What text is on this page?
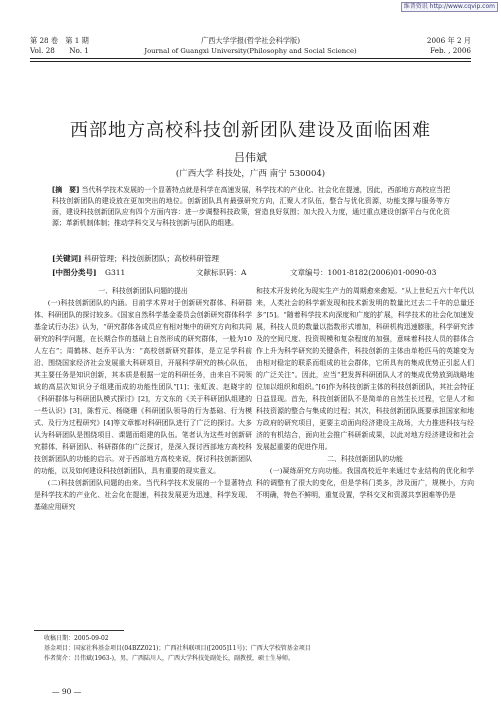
维普资讯 http://www.cqvip.com
第 28 卷　第 1 期
Vol. 28　　No. 1
广西大学学报(哲学社会科学版)
Journal of Guangxi University(Philosophy and Social Science)
2006 年 2 月
Feb. , 2006
西部地方高校科技创新团队建设及面临困难
吕伟斌
(广西大学 科技处，广西 南宁 530004)
[摘　要] 当代科学技术发展的一个显著特点就是科学在高速发展，科学技术的产业化、社会化在提速，因此，西部地方高校应当把科技创新团队的建设放在更加突出的地位。创新团队具有最强研究方向，汇聚人才队伍，整合与优化资源，功能支撑与服务等方面，建设科技创新团队应有四个方面内容：进一步调整科技政策，营造良好氛围；加大投入力度，通过重点建设创新平台与优化资源；革新机制体制；推动学科交叉与科技创新与团队的组建。
[关键词] 科研管理；科技创新团队；高校科研管理
[中图分类号] G311	文献标识码：A	文章编号：1001-8182(2006)01-0090-03

一、科技创新团队问题的提出

(一)科技创新团队的内涵。目前学术界对于创新研究群体、科研群体、科研团队的探讨较多。《国家自然科学基金委员会创新研究群体科学基金试行办法》认为，“研究群体各成员应有相对集中的研究方向和共同研究的科学问题，在长期合作的基础上自然形成的研究群体，一般为10人左右”；周鹤林、赵乔平认为：“高校创新研究群体，是立足学科前沿、围绕国家经济社会发展重大科研项目，开展科学研究的核心队伍，其主要任务是知识创新，其本质是根据一定的科研任务，由来自不同领域的高层次知识分子组建而成的功能性团队”[1]；张虹波、赵晓宇的《科研群体与科研团队模式探讨》[2]，方文东的《关于科研团队组建的一些认识》[3]，陈哲元、杨晓珊《科研团队领导的行为基础、行为模式、及行为过程研究》[4]等文章都对科研团队进行了广泛的探讨。大多认为科研团队是围绕项目、课题而组建的队伍。笔者认为这些对创新研究群体、科研团队、科研群体的广泛探讨，是深入探讨西部地方高校科技创新团队的功能的启示。对于西部地方高校来说，探讨科技创新团队的功能，以及如何建设科技创新团队，具有重要的现实意义。

(二)科技创新团队问题的由来。当代科学技术发展的一个显著特点是科学技术的产业化、社会化在提速，科技发展更为迅速，科学发现、基础应用研究

和技术开发转化为现实生产力的周期愈来愈短。“从上世纪五六十年代以来，人类社会的科学新发现和技术新发明的数量比过去二千年的总量还多”[5]。“随着科学技术向深度和广度的扩展，科学技术的社会化加速发展，科技人员的数量以指数形式增加，科研机构迅速膨胀，科学研究涉及的空间尺度、投资规模和复杂程度的加强，意味着科技人员的群体合作上升为科学研究的关键条件，科技创新的主体由单枪匹马的英雄变为由相对稳定的联系而组成的社会群体，它所具有的集成优势正引起人们的广泛关注”。因此，应当“把发挥科研团队人才的集成优势放到战略地位加以组织和组织。”[6]作为科技创新主体的科技创新团队，其社会特征日益显现。首先，科技创新团队不是简单的自然生长过程，它是人才和科技资源的整合与集成的过程；其次，科技创新团队既要承担国家和地方政府的研究项目，更要主动面向经济建设主战场，大力推进科技与经济的有机结合，面向社会推广科研新成果，以此对地方经济建设和社会发展起重要的促进作用。

二、科技创新团队的功能

(一)凝练研究方向功能。我国高校近年来通过专业结构的优化和学科的调整有了很大的变化，但是学科门类多，涉及面广，规模小，方向不明确，特色不鲜明，重复设置，学科交叉和资源共享困难等仍是

收稿日期：2005-09-02
基金项目：国家社科基金项目(04BZZ021)；广西社科联项目([2005]11号)；广西大学校管基金项目
作者简介：吕伟斌(1963-)，男，广西陆川人，广西大学科技处副处长，副教授，硕士生导师。
— 90 —
